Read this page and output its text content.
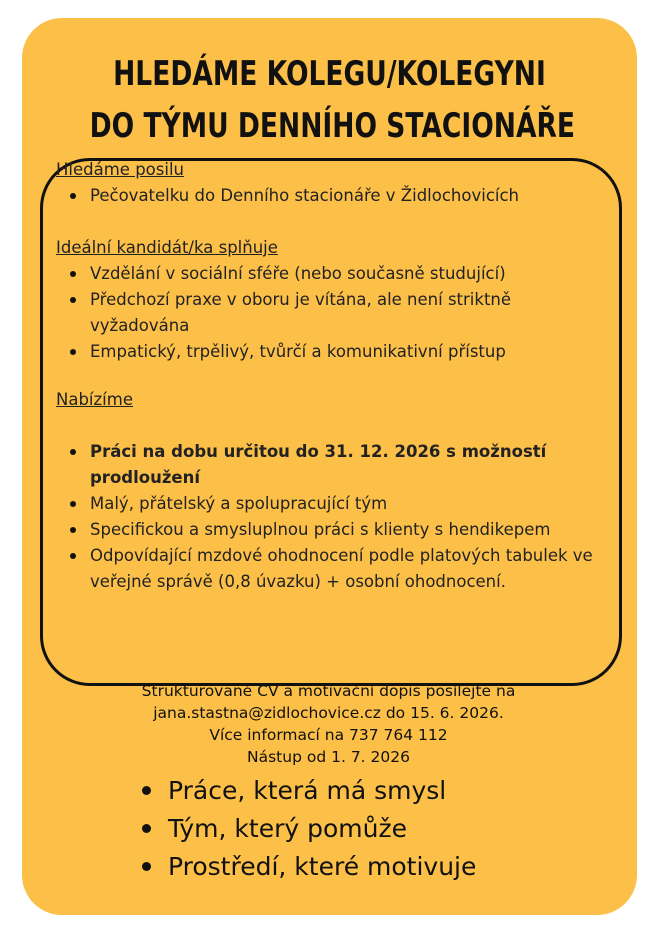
HLEDÁME KOLEGU/KOLEGYNI
DO TÝMU DENNÍHO STACIONÁŘE

Hledáme posilu

Pečovatelku do Denního stacionáře v Židlochovicích

Ideální kandidát/ka splňuje

Vzdělání v sociální sféře (nebo současně studující)
Předchozí praxe v oboru je vítána, ale není striktně vyžadována
Empatický, trpělivý, tvůrčí a komunikativní přístup

Nabízíme

Práci na dobu určitou do 31. 12. 2026 s možností prodloužení
Malý, přátelský a spolupracující tým
Specifickou a smysluplnou práci s klienty s hendikepem
Odpovídající mzdové ohodnocení podle platových tabulek ve veřejné správě (0,8 úvazku) + osobní ohodnocení.
Strukturované CV a motivační dopis posílejte na
jana.stastna@zidlochovice.cz do 15. 6. 2026.
Více informací na 737 764 112
Nástup od 1. 7. 2026
Práce, která má smysl
Tým, který pomůže
Prostředí, které motivuje
